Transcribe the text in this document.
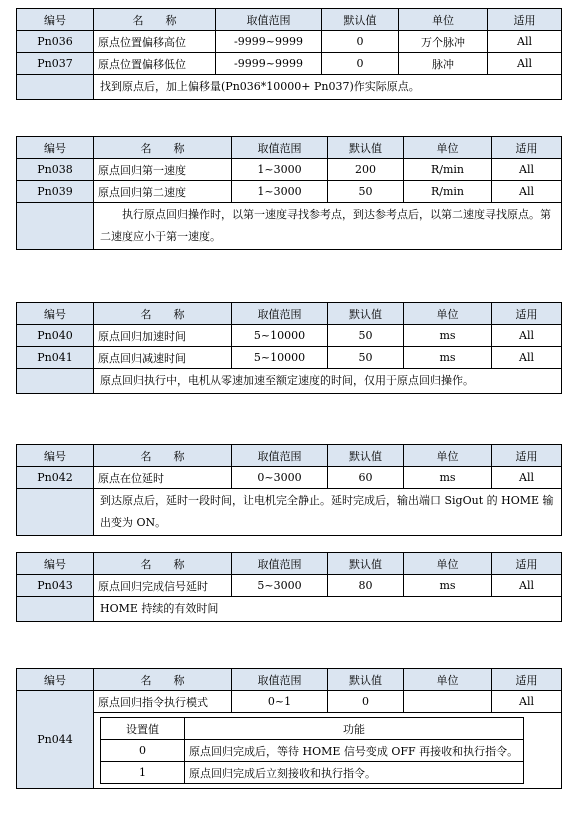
编号	名　　称	取值范围	默认值	单位	适用
Pn036	原点位置偏移高位	-9999~9999	0	万个脉冲	All
Pn037	原点位置偏移低位	-9999~9999	0	脉冲	All
	找到原点后，加上偏移量(Pn036*10000+ Pn037)作实际原点。				
编号	名　　称	取值范围	默认值	单位	适用
Pn038	原点回归第一速度	1~3000	200	R/min	All
Pn039	原点回归第二速度	1~3000	50	R/min	All
	执行原点回归操作时，以第一速度寻找参考点，到达参考点后，以第二速度寻找原点。第二速度应小于第一速度。				
编号	名　　称	取值范围	默认值	单位	适用
Pn040	原点回归加速时间	5~10000	50	ms	All
Pn041	原点回归减速时间	5~10000	50	ms	All
	原点回归执行中，电机从零速加速至额定速度的时间，仅用于原点回归操作。				
编号	名　　称	取值范围	默认值	单位	适用
Pn042	原点在位延时	0~3000	60	ms	All
	到达原点后，延时一段时间，让电机完全静止。延时完成后，输出端口 SigOut 的 HOME 输出变为 ON。				
编号	名　　称	取值范围	默认值	单位	适用
Pn043	原点回归完成信号延时	5~3000	80	ms	All
	HOME 持续的有效时间				
编号	名　　称	取值范围	默认值	单位	适用
Pn044	原点回归指令执行模式	0~1	0		All

设置值	功能
0	原点回归完成后，等待 HOME 信号变成 OFF 再接收和执行指令。
1	原点回归完成后立刻接收和执行指令。
